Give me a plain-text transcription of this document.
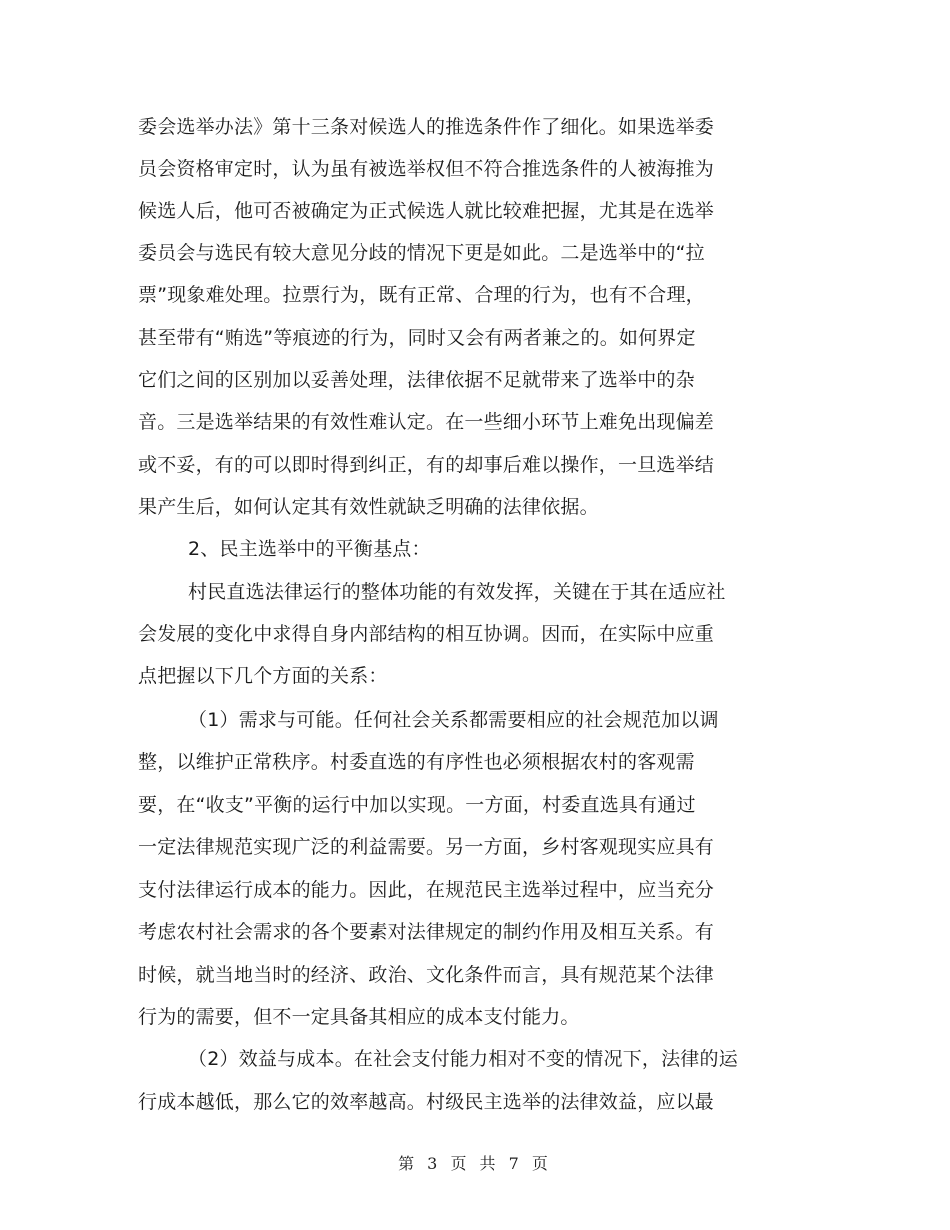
委会选举办法》第十三条对候选人的推选条件作了细化。如果选举委
员会资格审定时，认为虽有被选举权但不符合推选条件的人被海推为
候选人后，他可否被确定为正式候选人就比较难把握，尤其是在选举
委员会与选民有较大意见分歧的情况下更是如此。二是选举中的“拉
票”现象难处理。拉票行为，既有正常、合理的行为，也有不合理，
甚至带有“贿选”等痕迹的行为，同时又会有两者兼之的。如何界定
它们之间的区别加以妥善处理，法律依据不足就带来了选举中的杂
音。三是选举结果的有效性难认定。在一些细小环节上难免出现偏差
或不妥，有的可以即时得到纠正，有的却事后难以操作，一旦选举结
果产生后，如何认定其有效性就缺乏明确的法律依据。
2、民主选举中的平衡基点：
村民直选法律运行的整体功能的有效发挥，关键在于其在适应社
会发展的变化中求得自身内部结构的相互协调。因而，在实际中应重
点把握以下几个方面的关系：
（1）需求与可能。任何社会关系都需要相应的社会规范加以调
整，以维护正常秩序。村委直选的有序性也必须根据农村的客观需
要，在“收支”平衡的运行中加以实现。一方面，村委直选具有通过
一定法律规范实现广泛的利益需要。另一方面，乡村客观现实应具有
支付法律运行成本的能力。因此，在规范民主选举过程中，应当充分
考虑农村社会需求的各个要素对法律规定的制约作用及相互关系。有
时候，就当地当时的经济、政治、文化条件而言，具有规范某个法律
行为的需要，但不一定具备其相应的成本支付能力。
（2）效益与成本。在社会支付能力相对不变的情况下，法律的运
行成本越低，那么它的效率越高。村级民主选举的法律效益，应以最
第 3 页 共 7 页
